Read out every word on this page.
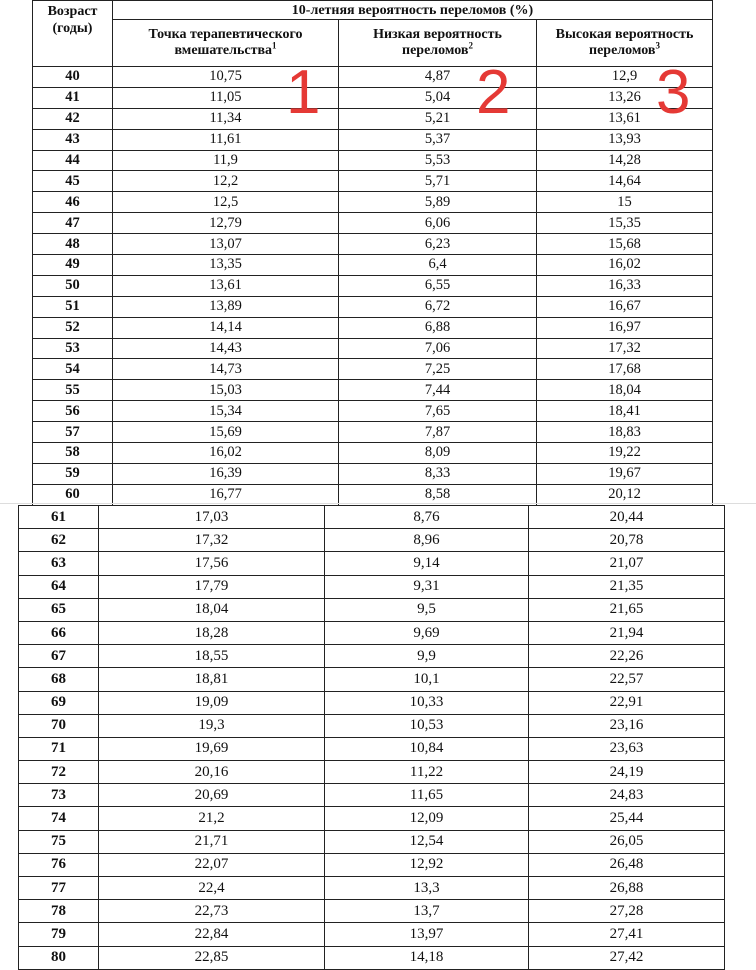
Возраст (годы)	10-летняя вероятность переломов (%)		
	Точка терапевтического вмешательства$^1$	Низкая вероятность переломов$^2$	Высокая вероятность переломов$^3$
40	10,75	4,87	12,9
41	11,05	5,04	13,26
42	11,34	5,21	13,61
43	11,61	5,37	13,93
44	11,9	5,53	14,28
45	12,2	5,71	14,64
46	12,5	5,89	15
47	12,79	6,06	15,35
48	13,07	6,23	15,68
49	13,35	6,4	16,02
50	13,61	6,55	16,33
51	13,89	6,72	16,67
52	14,14	6,88	16,97
53	14,43	7,06	17,32
54	14,73	7,25	17,68
55	15,03	7,44	18,04
56	15,34	7,65	18,41
57	15,69	7,87	18,83
58	16,02	8,09	19,22
59	16,39	8,33	19,67
60	16,77	8,58	20,12
61	17,03	8,76	20,44
62	17,32	8,96	20,78
63	17,56	9,14	21,07
64	17,79	9,31	21,35
65	18,04	9,5	21,65
66	18,28	9,69	21,94
67	18,55	9,9	22,26
68	18,81	10,1	22,57
69	19,09	10,33	22,91
70	19,3	10,53	23,16
71	19,69	10,84	23,63
72	20,16	11,22	24,19
73	20,69	11,65	24,83
74	21,2	12,09	25,44
75	21,71	12,54	26,05
76	22,07	12,92	26,48
77	22,4	13,3	26,88
78	22,73	13,7	27,28
79	22,84	13,97	27,41
80	22,85	14,18	27,42
1	2 3
